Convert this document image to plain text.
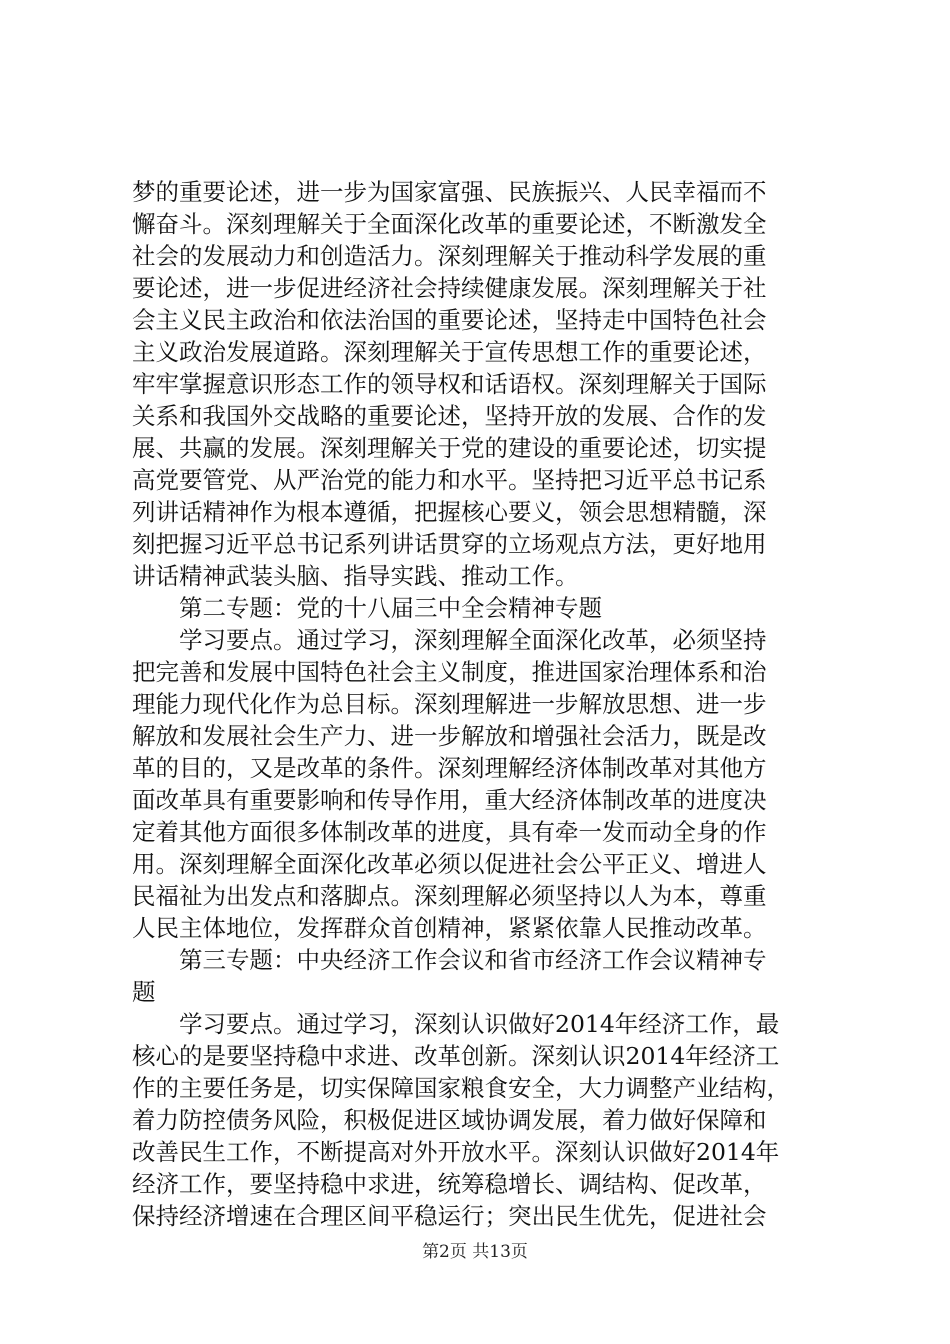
梦的重要论述，进一步为国家富强、民族振兴、人民幸福而不
懈奋斗。深刻理解关于全面深化改革的重要论述，不断激发全
社会的发展动力和创造活力。深刻理解关于推动科学发展的重
要论述，进一步促进经济社会持续健康发展。深刻理解关于社
会主义民主政治和依法治国的重要论述，坚持走中国特色社会
主义政治发展道路。深刻理解关于宣传思想工作的重要论述，
牢牢掌握意识形态工作的领导权和话语权。深刻理解关于国际
关系和我国外交战略的重要论述，坚持开放的发展、合作的发
展、共赢的发展。深刻理解关于党的建设的重要论述，切实提
高党要管党、从严治党的能力和水平。坚持把习近平总书记系
列讲话精神作为根本遵循，把握核心要义，领会思想精髓，深
刻把握习近平总书记系列讲话贯穿的立场观点方法，更好地用
讲话精神武装头脑、指导实践、推动工作。
第二专题：党的十八届三中全会精神专题
学习要点。通过学习，深刻理解全面深化改革，必须坚持
把完善和发展中国特色社会主义制度，推进国家治理体系和治
理能力现代化作为总目标。深刻理解进一步解放思想、进一步
解放和发展社会生产力、进一步解放和增强社会活力，既是改
革的目的，又是改革的条件。深刻理解经济体制改革对其他方
面改革具有重要影响和传导作用，重大经济体制改革的进度决
定着其他方面很多体制改革的进度，具有牵一发而动全身的作
用。深刻理解全面深化改革必须以促进社会公平正义、增进人
民福祉为出发点和落脚点。深刻理解必须坚持以人为本，尊重
人民主体地位，发挥群众首创精神，紧紧依靠人民推动改革。
第三专题：中央经济工作会议和省市经济工作会议精神专
题
学习要点。通过学习，深刻认识做好2014年经济工作，最
核心的是要坚持稳中求进、改革创新。深刻认识2014年经济工
作的主要任务是，切实保障国家粮食安全，大力调整产业结构，
着力防控债务风险，积极促进区域协调发展，着力做好保障和
改善民生工作，不断提高对外开放水平。深刻认识做好2014年
经济工作，要坚持稳中求进，统筹稳增长、调结构、促改革，
保持经济增速在合理区间平稳运行；突出民生优先，促进社会
第2页 共13页
